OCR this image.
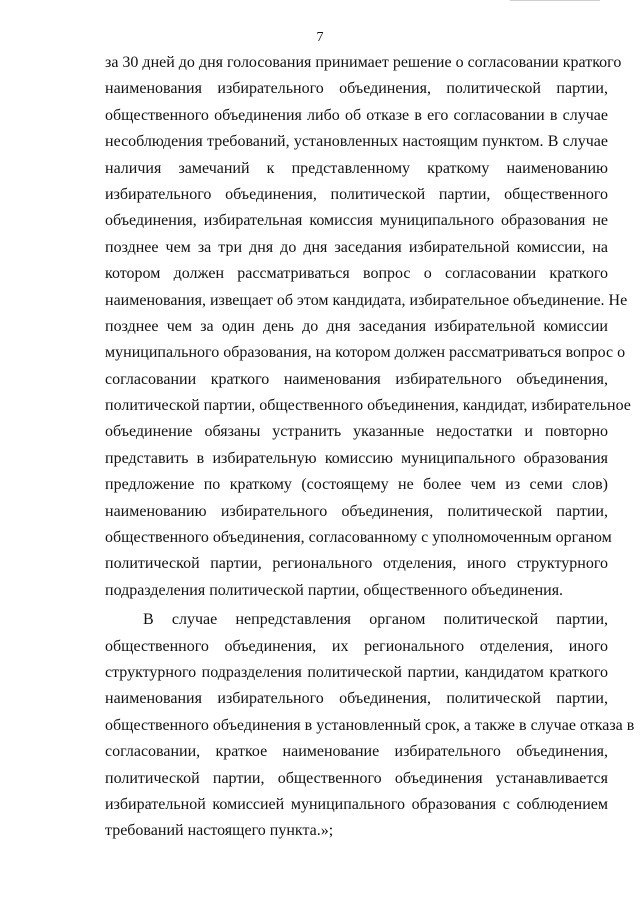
7
за 30 дней до дня голосования принимает решение о согласовании краткого
наименования избирательного объединения, политической партии,
общественного объединения либо об отказе в его согласовании в случае
несоблюдения требований, установленных настоящим пунктом. В случае
наличия замечаний к представленному краткому наименованию
избирательного объединения, политической партии, общественного
объединения, избирательная комиссия муниципального образования не
позднее чем за три дня до дня заседания избирательной комиссии, на
котором должен рассматриваться вопрос о согласовании краткого
наименования, извещает об этом кандидата, избирательное объединение. Не
позднее чем за один день до дня заседания избирательной комиссии
муниципального образования, на котором должен рассматриваться вопрос о
согласовании краткого наименования избирательного объединения,
политической партии, общественного объединения, кандидат, избирательное
объединение обязаны устранить указанные недостатки и повторно
представить в избирательную комиссию муниципального образования
предложение по краткому (состоящему не более чем из семи слов)
наименованию избирательного объединения, политической партии,
общественного объединения, согласованному с уполномоченным органом
политической партии, регионального отделения, иного структурного
подразделения политической партии, общественного объединения.
В случае непредставления органом политической партии,
общественного объединения, их регионального отделения, иного
структурного подразделения политической партии, кандидатом краткого
наименования избирательного объединения, политической партии,
общественного объединения в установленный срок, а также в случае отказа в
согласовании, краткое наименование избирательного объединения,
политической партии, общественного объединения устанавливается
избирательной комиссией муниципального образования с соблюдением
требований настоящего пункта.»;
